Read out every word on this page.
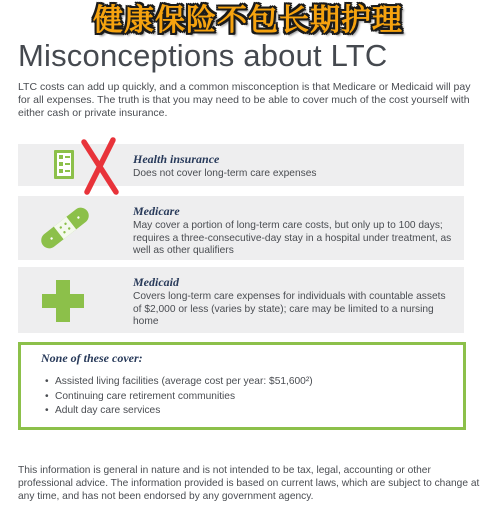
健康保险不包长期护理
Misconceptions about LTC
LTC costs can add up quickly, and a common misconception is that Medicare or Medicaid will pay for all expenses. The truth is that you may need to be able to cover much of the cost yourself with either cash or private insurance.
Health insurance

Does not cover long-term care expenses

Medicare

May cover a portion of long-term care costs, but only up to 100 days; requires a three-consecutive-day stay in a hospital under treatment, as well as other qualifiers

Medicaid

Covers long-term care expenses for individuals with countable assets of $2,000 or less (varies by state); care may be limited to a nursing home

None of these cover:
• Assisted living facilities (average cost per year: $51,600²)
• Continuing care retirement communities
• Adult day care services
This information is general in nature and is not intended to be tax, legal, accounting or other professional advice. The information provided is based on current laws, which are subject to change at any time, and has not been endorsed by any government agency.
